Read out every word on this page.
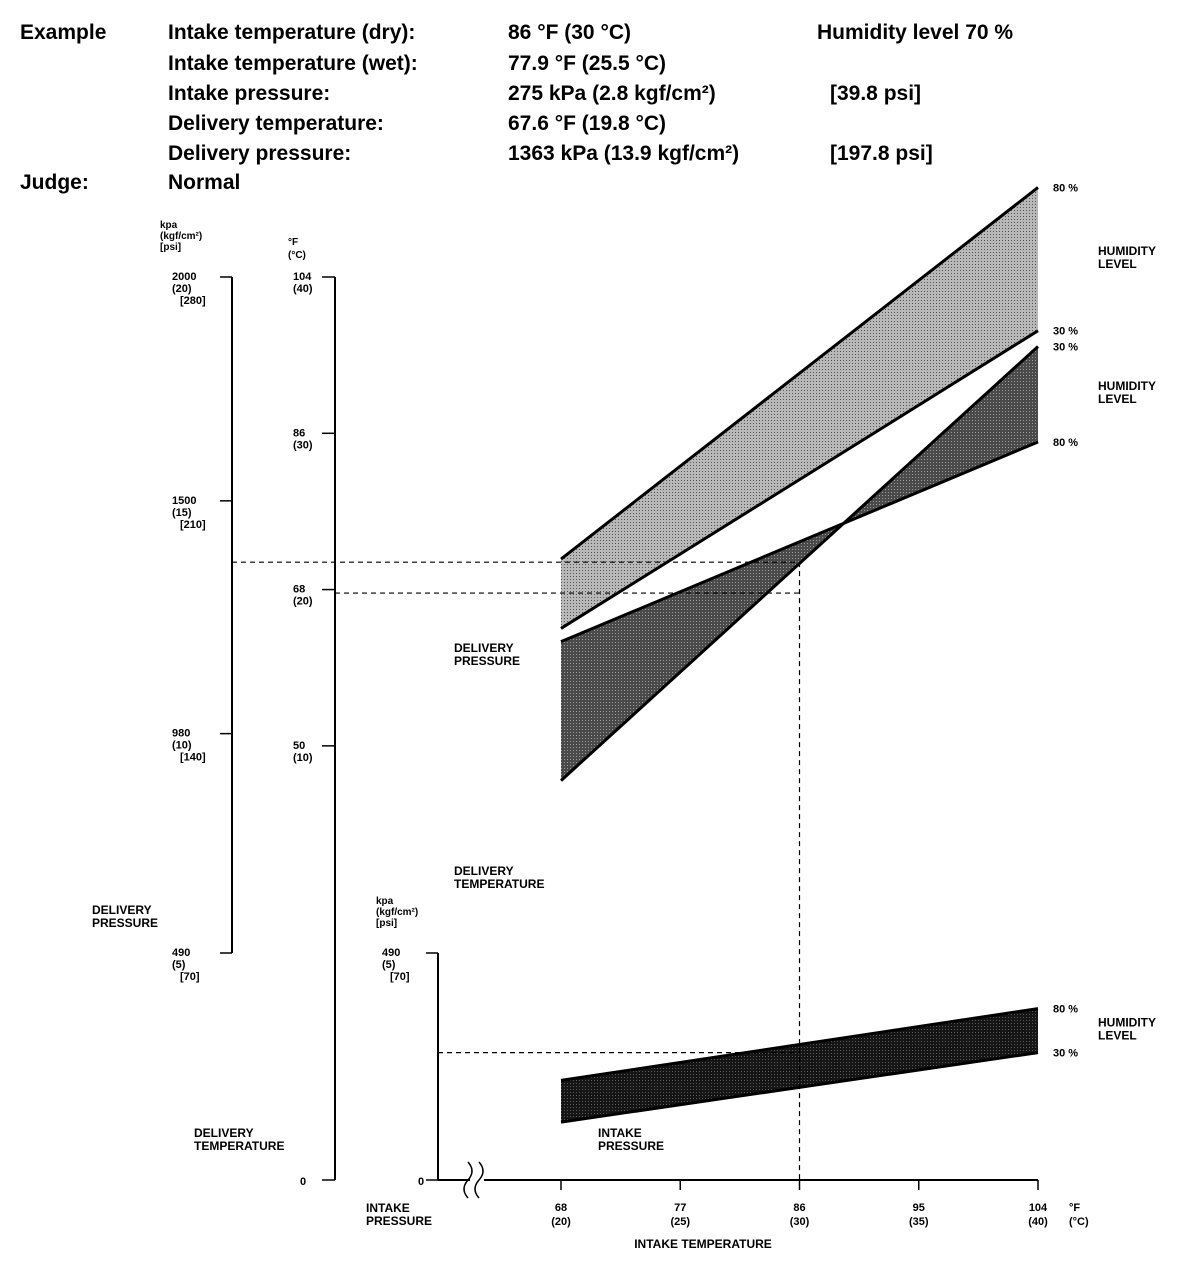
Example	Intake temperature (dry):	86 °F (30 °C)	Humidity level 70 %
Intake temperature (wet):	77.9 °F (25.5 °C)
Intake pressure:	275 kPa (2.8 kgf/cm²)	[39.8 psi]
Delivery temperature:	67.6 °F (19.8 °C)
Delivery pressure:	1363 kPa (13.9 kgf/cm²)	[197.8 psi]
Judge:	Normal
kpa
(kgf/cm²)
[psi]
2000
(20)
[280]
1500
(15)
[210]
980
(10)
[140]
490
(5)
[70]
DELIVERY
PRESSURE
°F
(°C)
104
(40)
86
(30)
68
(20)
50
(10)
0
DELIVERY
TEMPERATURE
kpa
(kgf/cm²)
[psi]
490
(5)
[70]
0
INTAKE
PRESSURE
68
(20)
77
(25)
86
(30)
95
(35)
104
(40)
°F
(°C)
INTAKE TEMPERATURE
80 %
30 %
HUMIDITY
LEVEL
80 %
30 %
HUMIDITY
LEVEL
80 %
30 %
HUMIDITY
LEVEL
DELIVERY
PRESSURE
DELIVERY
TEMPERATURE
INTAKE
PRESSURE
